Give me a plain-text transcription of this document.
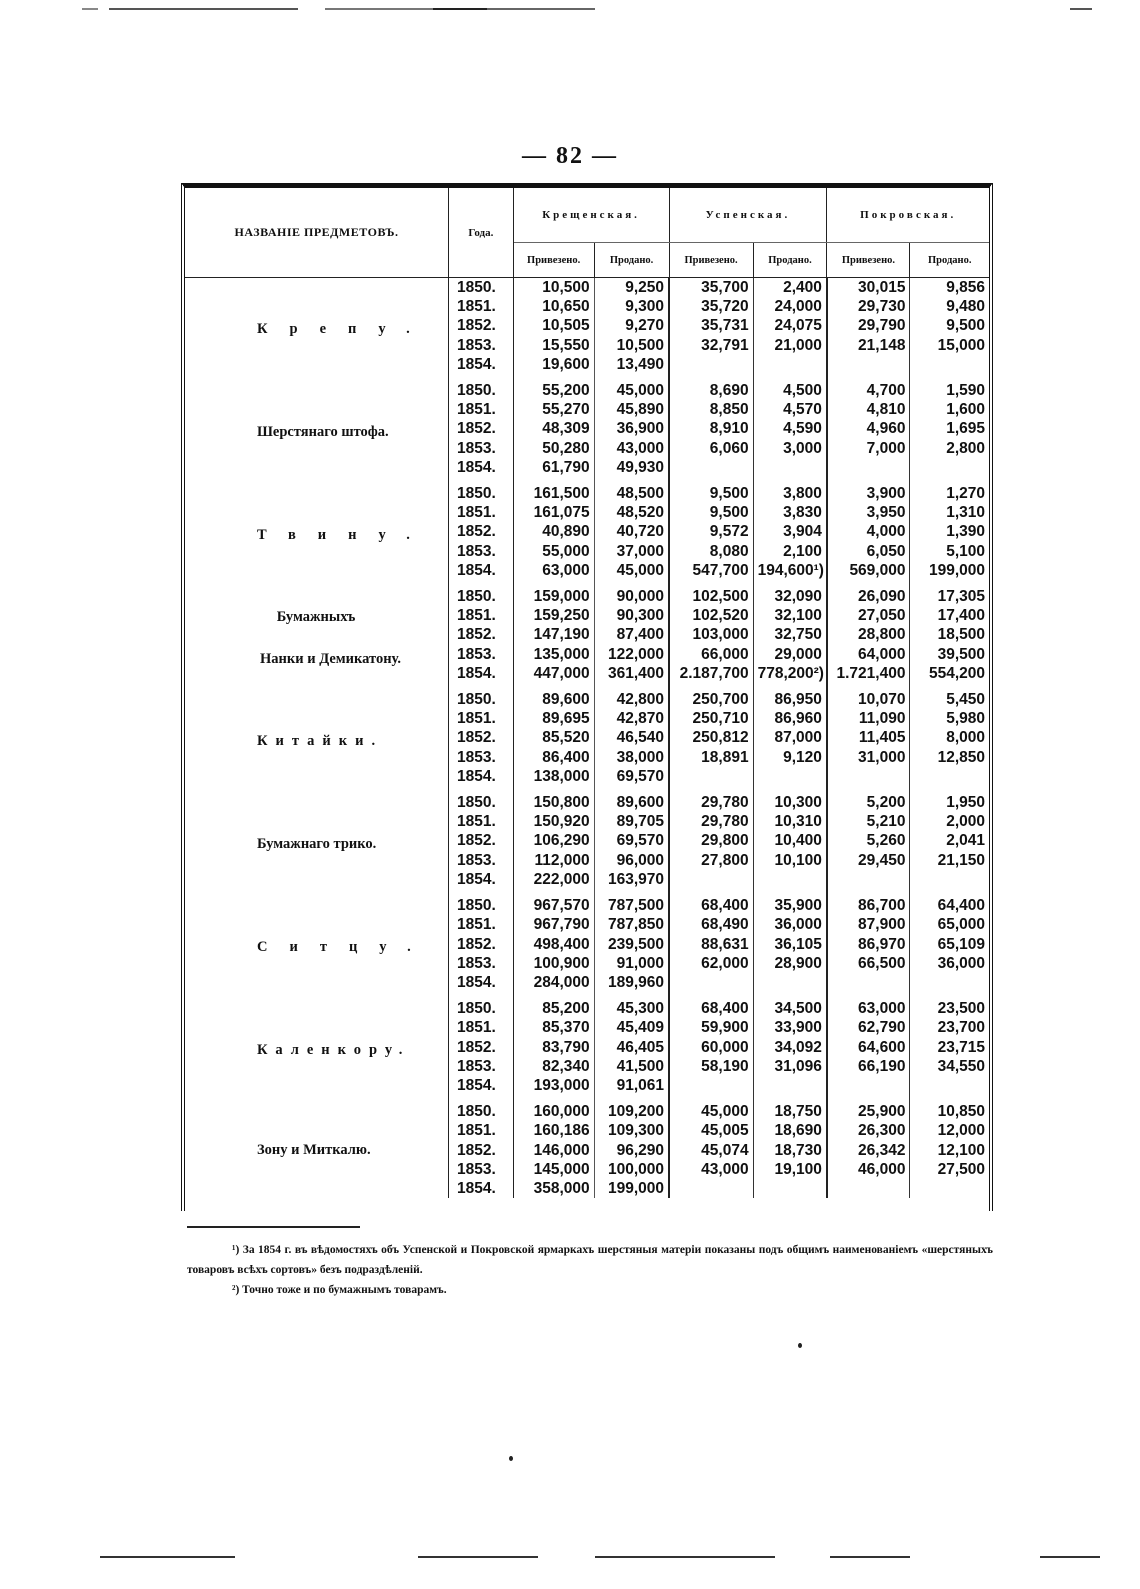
— 82 —
НАЗВАНІЕ ПРЕДМЕТОВЪ.	Года.	Крещенская.		Успенская.		Покровская.	
		Привезено.	Продано.	Привезено.	Продано.	Привезено.	Продано.
Крепу.	1850.	10,500	9,250	35,700	2,400	30,015	9,856
	1851.	10,650	9,300	35,720	24,000	29,730	9,480
	1852.	10,505	9,270	35,731	24,075	29,790	9,500
	1853.	15,550	10,500	32,791	21,000	21,148	15,000
	1854.	19,600	13,490				

Шерстянаго штофа.	1850.	55,200	45,000	8,690	4,500	4,700	1,590
	1851.	55,270	45,890	8,850	4,570	4,810	1,600
	1852.	48,309	36,900	8,910	4,590	4,960	1,695
	1853.	50,280	43,000	6,060	3,000	7,000	2,800
	1854.	61,790	49,930				

Твину.	1850.	161,500	48,500	9,500	3,800	3,900	1,270
	1851.	161,075	48,520	9,500	3,830	3,950	1,310
	1852.	40,890	40,720	9,572	3,904	4,000	1,390
	1853.	55,000	37,000	8,080	2,100	6,050	5,100
	1854.	63,000	45,000	547,700	194,600¹)	569,000	199,000

Бумажныхъ
Нанки и Демикатону.	1850.	159,000	90,000	102,500	32,090	26,090	17,305
	1851.	159,250	90,300	102,520	32,100	27,050	17,400
	1852.	147,190	87,400	103,000	32,750	28,800	18,500
	1853.	135,000	122,000	66,000	29,000	64,000	39,500
	1854.	447,000	361,400	2.187,700	778,200²)	1.721,400	554,200

Китайки.	1850.	89,600	42,800	250,700	86,950	10,070	5,450
	1851.	89,695	42,870	250,710	86,960	11,090	5,980
	1852.	85,520	46,540	250,812	87,000	11,405	8,000
	1853.	86,400	38,000	18,891	9,120	31,000	12,850
	1854.	138,000	69,570				

Бумажнаго трико.	1850.	150,800	89,600	29,780	10,300	5,200	1,950
	1851.	150,920	89,705	29,780	10,310	5,210	2,000
	1852.	106,290	69,570	29,800	10,400	5,260	2,041
	1853.	112,000	96,000	27,800	10,100	29,450	21,150
	1854.	222,000	163,970				

Ситцу.	1850.	967,570	787,500	68,400	35,900	86,700	64,400
	1851.	967,790	787,850	68,490	36,000	87,900	65,000
	1852.	498,400	239,500	88,631	36,105	86,970	65,109
	1853.	100,900	91,000	62,000	28,900	66,500	36,000
	1854.	284,000	189,960				

Каленкору.	1850.	85,200	45,300	68,400	34,500	63,000	23,500
	1851.	85,370	45,409	59,900	33,900	62,790	23,700
	1852.	83,790	46,405	60,000	34,092	64,600	23,715
	1853.	82,340	41,500	58,190	31,096	66,190	34,550
	1854.	193,000	91,061				

Зону и Миткалю.	1850.	160,000	109,200	45,000	18,750	25,900	10,850
	1851.	160,186	109,300	45,005	18,690	26,300	12,000
	1852.	146,000	96,290	45,074	18,730	26,342	12,100
	1853.	145,000	100,000	43,000	19,100	46,000	27,500
	1854.	358,000	199,000				
¹) За 1854 г. въ вѣдомостяхъ объ Успенской и Покровской ярмаркахъ шерстяныя матеріи показаны подъ общимъ наименованіемъ «шерстяныхъ товаровъ всѣхъ сортовъ» безъ подраздѣленій.
²) Точно тоже и по бумажнымъ товарамъ.
